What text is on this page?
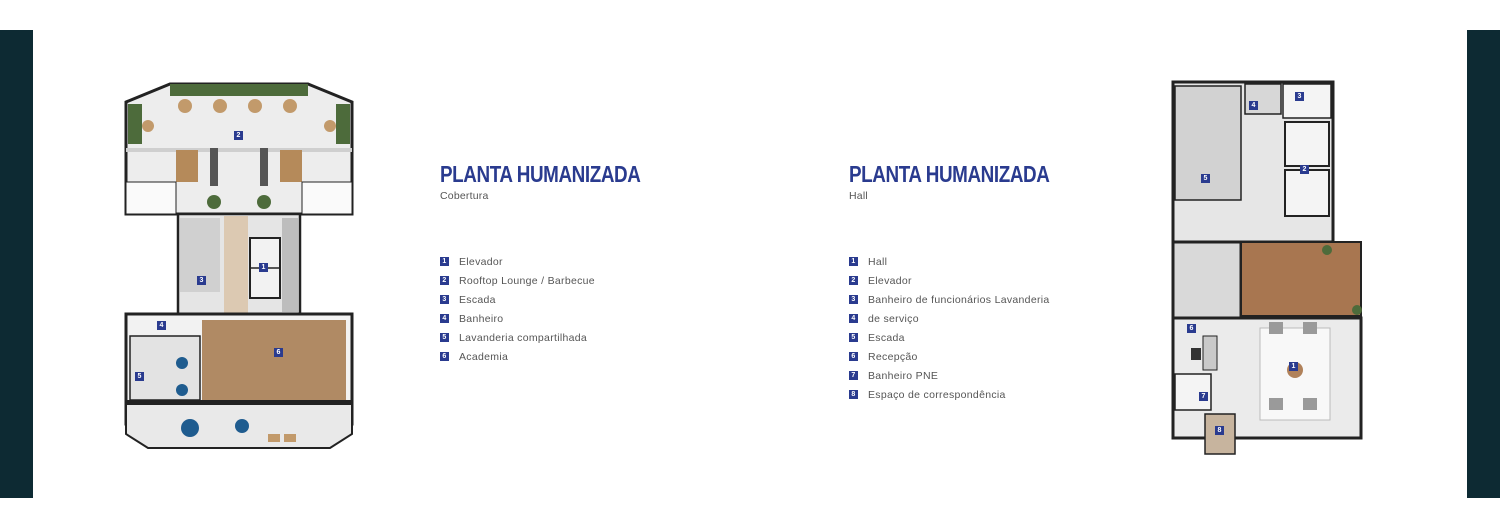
2
3
1
4
6
5
PLANTA HUMANIZADA
Cobertura
1 Elevador
2 Rooftop Lounge / Barbecue
3 Escada
4 Banheiro
5 Lavanderia compartilhada
6 Academia
PLANTA HUMANIZADA
Hall
1 Hall
2 Elevador
3 Banheiro de funcionários Lavanderia
4 de serviço
5 Escada
6 Recepção
7 Banheiro PNE
8 Espaço de correspondência
4
3
2
5
6
1
7
8
